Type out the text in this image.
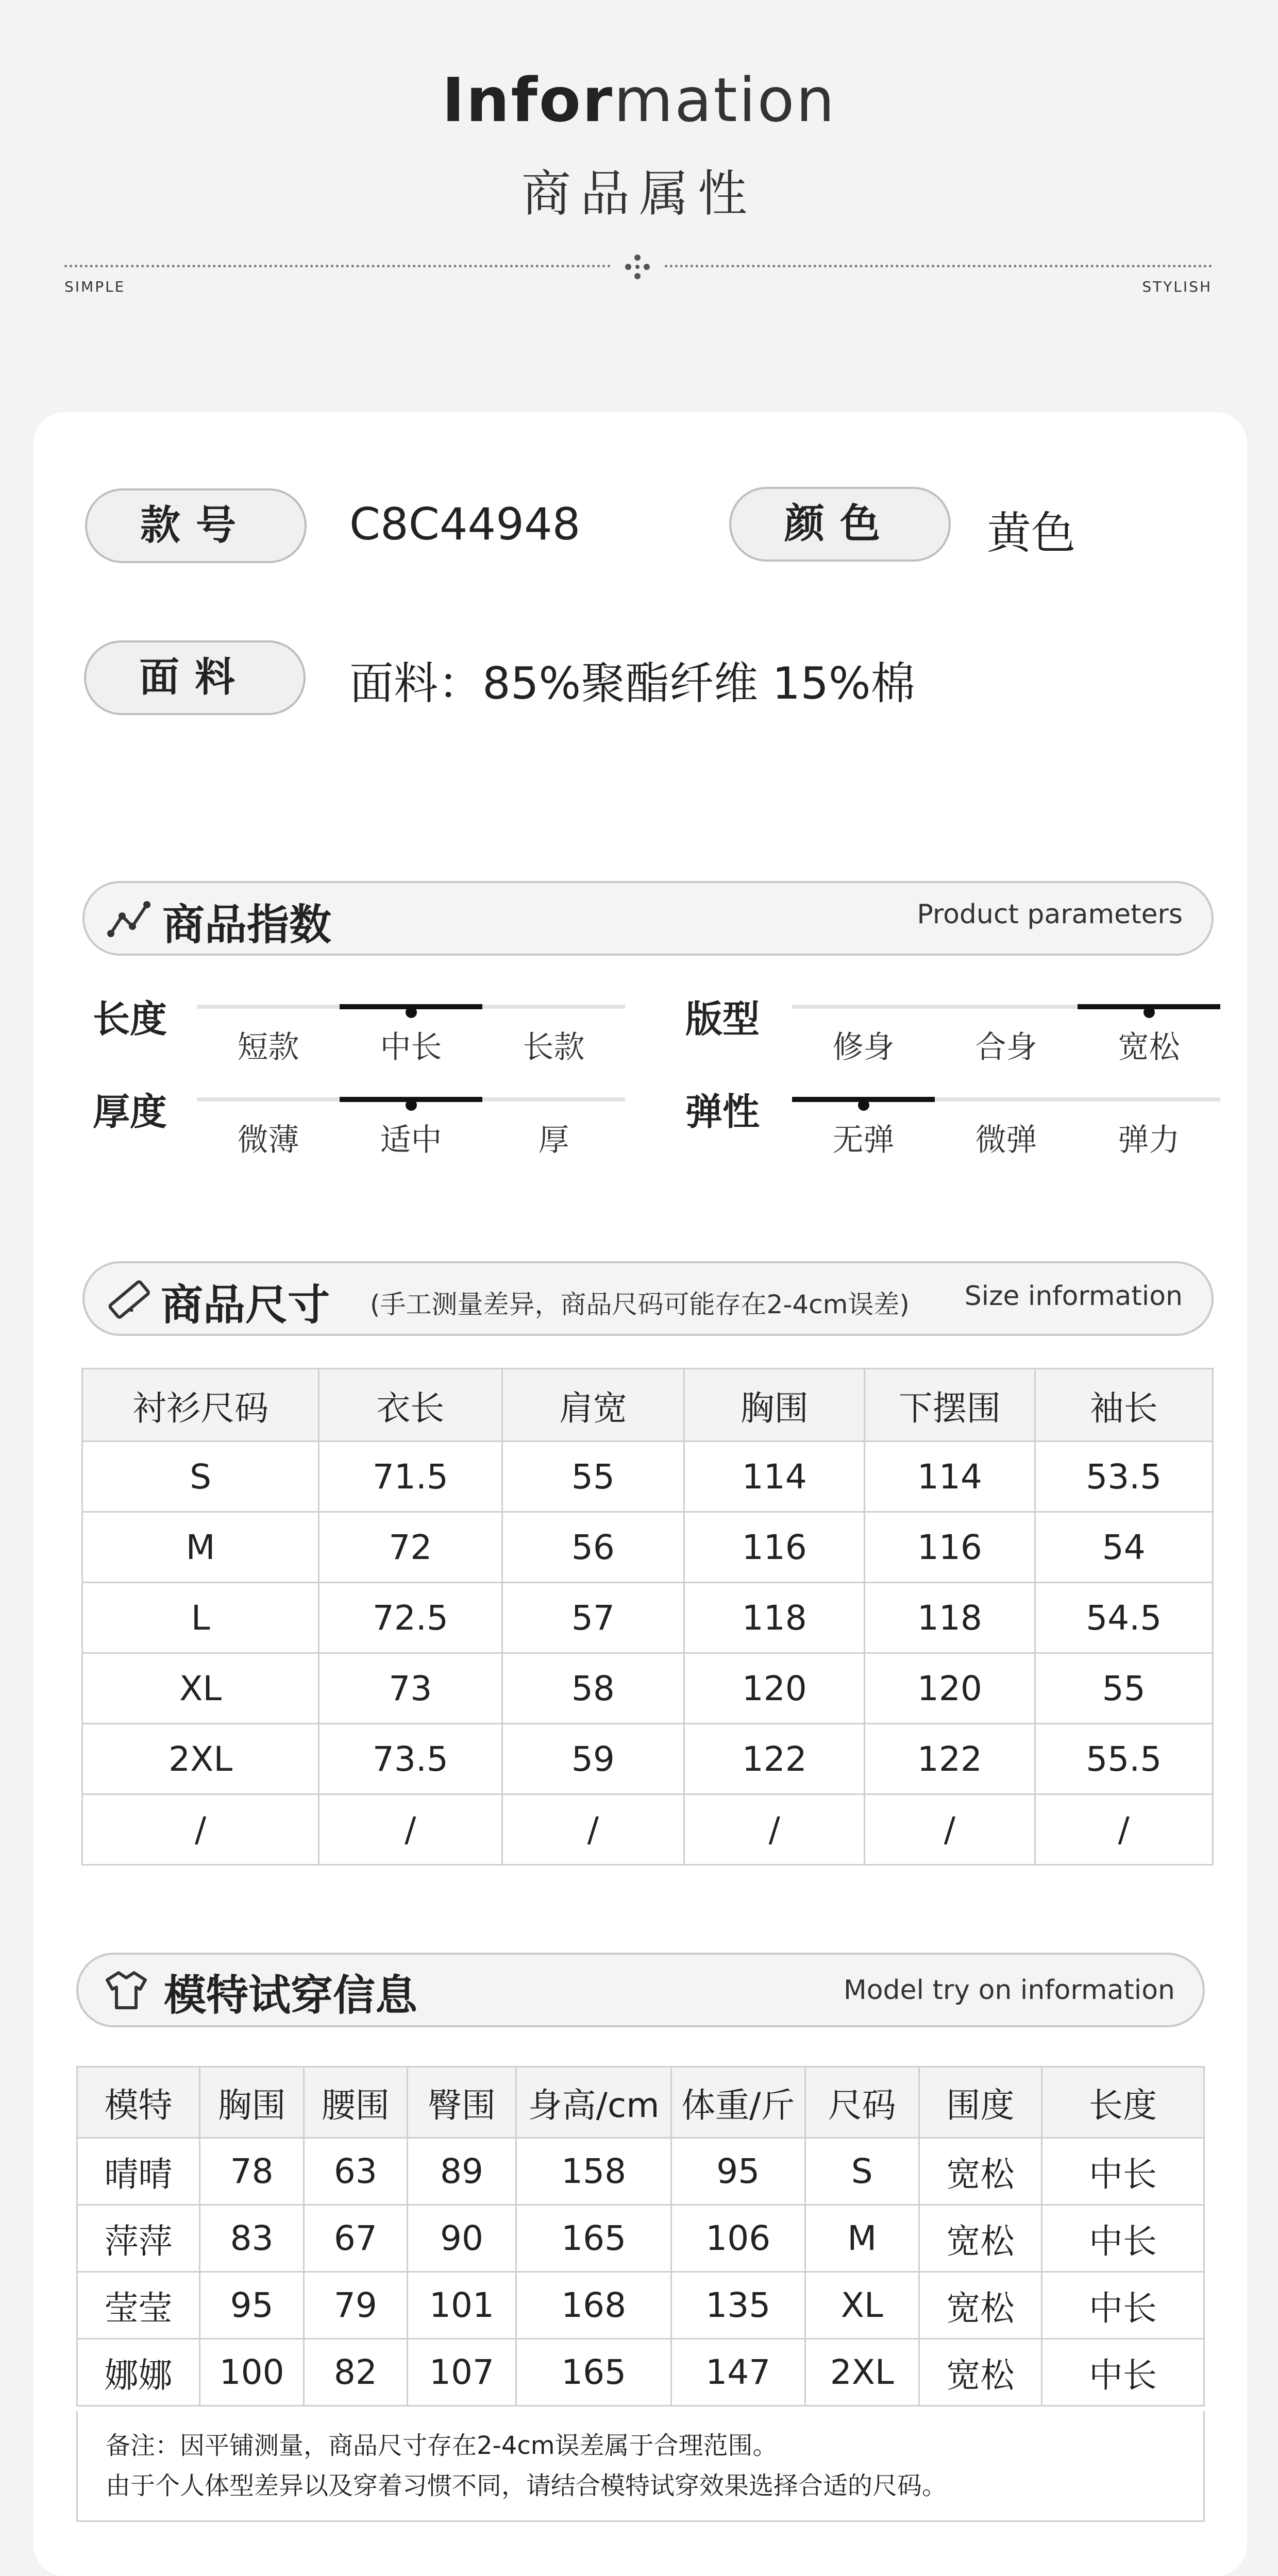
Information
商品属性
SIMPLE	STYLISH
款号	C8C44948	颜色	黄色
面料	面料：85%聚酯纤维 15%棉
商品指数	Product parameters
长度
短款	中长	长款
版型
修身	合身	宽松
厚度
微薄	适中	厚
弹性
无弹	微弹	弹力
商品尺寸 (手工测量差异，商品尺码可能存在2-4cm误差) Size information
衬衫尺码	衣长	肩宽	胸围	下摆围	袖长
S	71.5	55	114	114	53.5
M	72	56	116	116	54
L	72.5	57	118	118	54.5
XL	73	58	120	120	55
2XL	73.5	59	122	122	55.5
/	/	/	/	/	/
模特试穿信息	Model try on information
模特	胸围	腰围	臀围	身高/cm	体重/斤	尺码	围度	长度
晴晴	78	63	89	158	95	S	宽松	中长
萍萍	83	67	90	165	106	M	宽松	中长
莹莹	95	79	101	168	135	XL	宽松	中长
娜娜	100	82	107	165	147	2XL	宽松	中长
备注：因平铺测量，商品尺寸存在2-4cm误差属于合理范围。
由于个人体型差异以及穿着习惯不同，请结合模特试穿效果选择合适的尺码。
